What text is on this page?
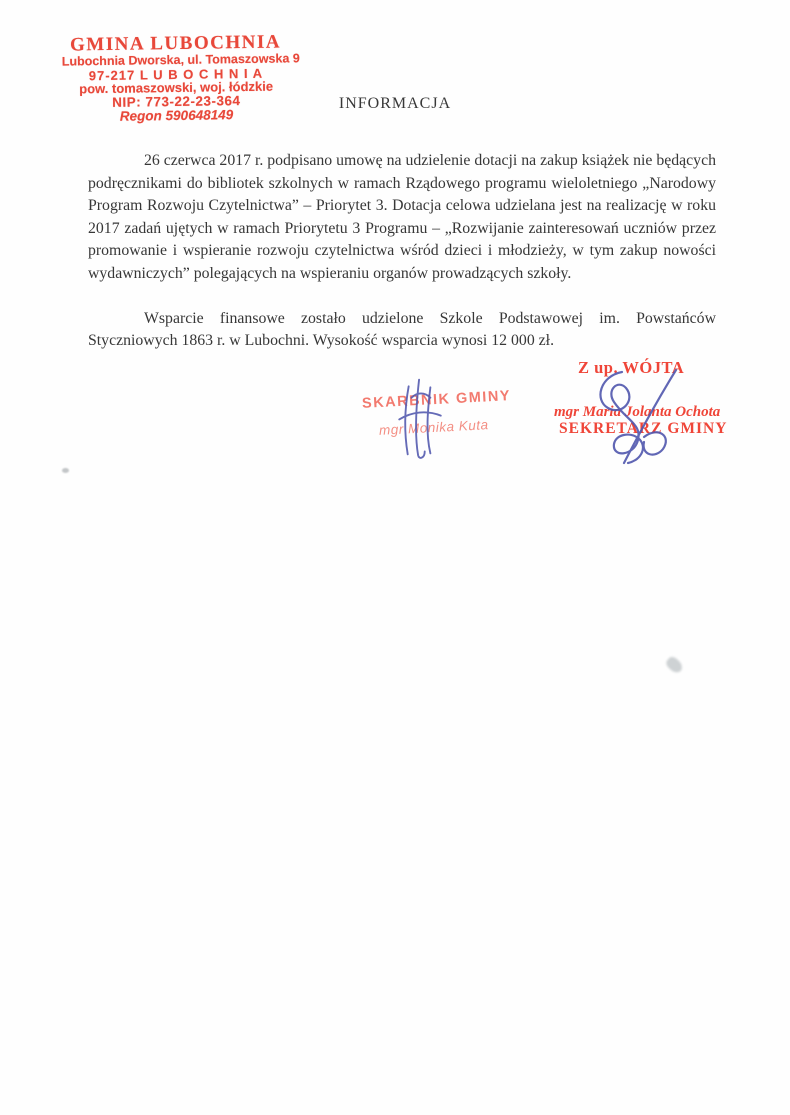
GMINA LUBOCHNIA
Lubochnia Dworska, ul. Tomaszowska 9
97-217 L U B O C H N I A
pow. tomaszowski, woj. łódzkie
NIP: 773-22-23-364
Regon 590648149
INFORMACJA

26 czerwca 2017 r. podpisano umowę na udzielenie dotacji na zakup książek nie będących podręcznikami do bibliotek szkolnych w ramach Rządowego programu wieloletniego „Narodowy Program Rozwoju Czytelnictwa” – Priorytet 3. Dotacja celowa udzielana jest na realizację w roku 2017 zadań ujętych w ramach Priorytetu 3 Programu – „Rozwijanie zainteresowań uczniów przez promowanie i wspieranie rozwoju czytelnictwa wśród dzieci i młodzieży, w tym zakup nowości wydawniczych” polegających na wspieraniu organów prowadzących szkoły.

Wsparcie finansowe zostało udzielone Szkole Podstawowej im. Powstańców Styczniowych 1863 r. w Lubochni. Wysokość wsparcia wynosi 12 000 zł.

SKARBNIK GMINY
mgr Monika Kuta
Z up. WÓJTA
mgr Maria Jolanta Ochota
SEKRETARZ GMINY
